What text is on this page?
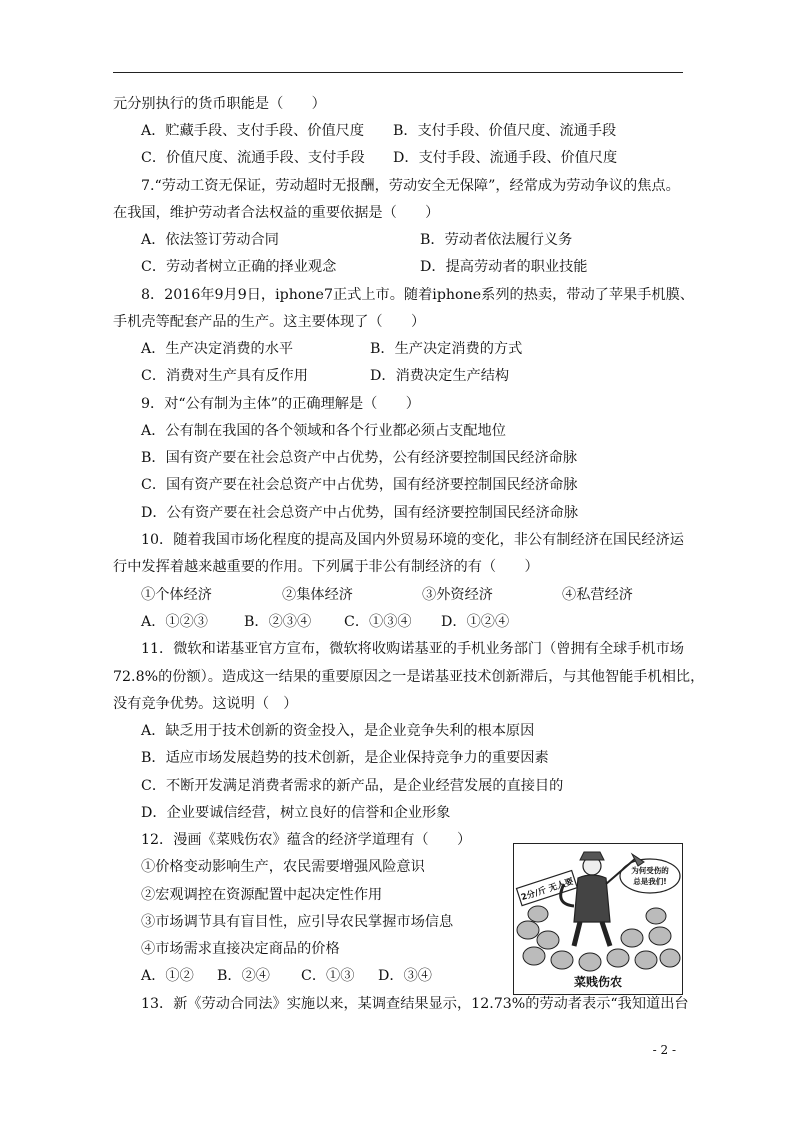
元分别执行的货币职能是（　　）
A．贮藏手段、支付手段、价值尺度 B．支付手段、价值尺度、流通手段
C．价值尺度、流通手段、支付手段 D．支付手段、流通手段、价值尺度
7.“劳动工资无保证，劳动超时无报酬，劳动安全无保障”，经常成为劳动争议的焦点。
在我国，维护劳动者合法权益的重要依据是（　　）
A．依法签订劳动合同	B．劳动者依法履行义务
C．劳动者树立正确的择业观念	D．提高劳动者的职业技能
8．2016年9月9日，iphone7正式上市。随着iphone系列的热卖，带动了苹果手机膜、
手机壳等配套产品的生产。这主要体现了（　　）
A．生产决定消费的水平	B．生产决定消费的方式
C．消费对生产具有反作用	D．消费决定生产结构
9．对“公有制为主体”的正确理解是（　　）
A．公有制在我国的各个领域和各个行业都必须占支配地位
B．国有资产要在社会总资产中占优势，公有经济要控制国民经济命脉
C．国有资产要在社会总资产中占优势，国有经济要控制国民经济命脉
D．公有资产要在社会总资产中占优势，国有经济要控制国民经济命脉
10．随着我国市场化程度的提高及国内外贸易环境的变化，非公有制经济在国民经济运
行中发挥着越来越重要的作用。下列属于非公有制经济的有（　　）
①个体经济	②集体经济	③外资经济	④私营经济
A．①②③	B．②③④ C．①③④ D．①②④
11．微软和诺基亚官方宣布，微软将收购诺基亚的手机业务部门（曾拥有全球手机市场
72.8%的份额）。造成这一结果的重要原因之一是诺基亚技术创新滞后，与其他智能手机相比，
没有竞争优势。这说明（　）
A．缺乏用于技术创新的资金投入，是企业竞争失利的根本原因
B．适应市场发展趋势的技术创新，是企业保持竞争力的重要因素
C．不断开发满足消费者需求的新产品，是企业经营发展的直接目的
D．企业要诚信经营，树立良好的信誉和企业形象
12．漫画《菜贱伤农》蕴含的经济学道理有（　　）
①价格变动影响生产，农民需要增强风险意识
②宏观调控在资源配置中起决定性作用
③市场调节具有盲目性，应引导农民掌握市场信息
④市场需求直接决定商品的价格
A．①② B．②④ C．①③ D．③④
13．新《劳动合同法》实施以来，某调查结果显示，12.73%的劳动者表示“我知道出台
2分/斤 无人要
为何受伤的
总是我们!
菜贱伤农
- 2 -
